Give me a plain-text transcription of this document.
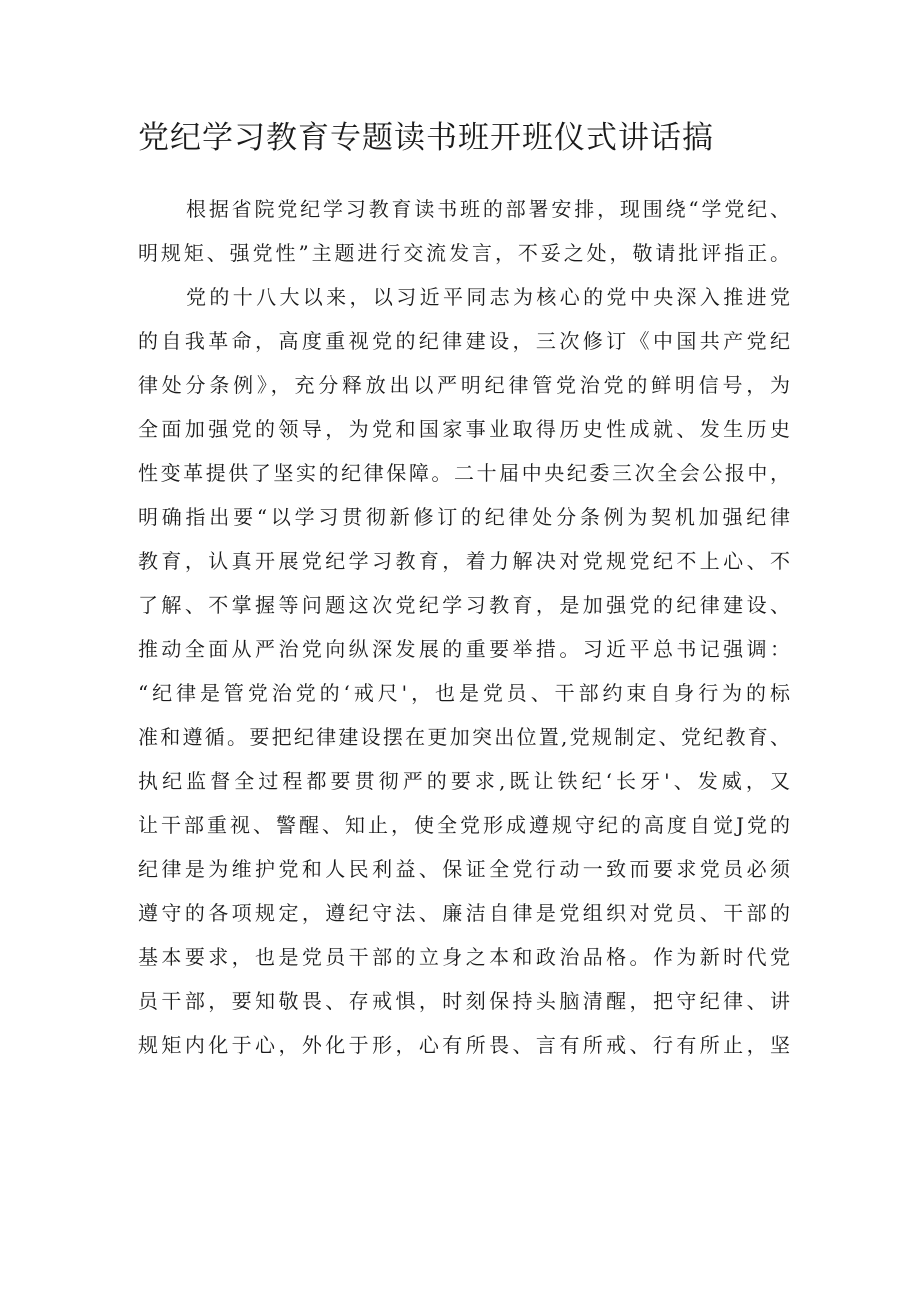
党纪学习教育专题读书班开班仪式讲话搞
根据省院党纪学习教育读书班的部署安排，现围绕“学党纪、
明规矩、强党性”主题进行交流发言，不妥之处，敬请批评指正。
党的十八大以来，以习近平同志为核心的党中央深入推进党
的自我革命，高度重视党的纪律建设，三次修订《中国共产党纪
律处分条例》，充分释放出以严明纪律管党治党的鲜明信号，为
全面加强党的领导，为党和国家事业取得历史性成就、发生历史
性变革提供了坚实的纪律保障。二十届中央纪委三次全会公报中，
明确指出要“以学习贯彻新修订的纪律处分条例为契机加强纪律
教育，认真开展党纪学习教育，着力解决对党规党纪不上心、不
了解、不掌握等问题这次党纪学习教育，是加强党的纪律建设、
推动全面从严治党向纵深发展的重要举措。习近平总书记强调：
“纪律是管党治党的‘戒尺'，也是党员、干部约束自身行为的标
准和遵循。要把纪律建设摆在更加突出位置,党规制定、党纪教育、
执纪监督全过程都要贯彻严的要求,既让铁纪‘长牙'、发威，又
让干部重视、警醒、知止，使全党形成遵规守纪的高度自觉J党的
纪律是为维护党和人民利益、保证全党行动一致而要求党员必须
遵守的各项规定，遵纪守法、廉洁自律是党组织对党员、干部的
基本要求，也是党员干部的立身之本和政治品格。作为新时代党
员干部，要知敬畏、存戒惧，时刻保持头脑清醒，把守纪律、讲
规矩内化于心，外化于形，心有所畏、言有所戒、行有所止，坚
